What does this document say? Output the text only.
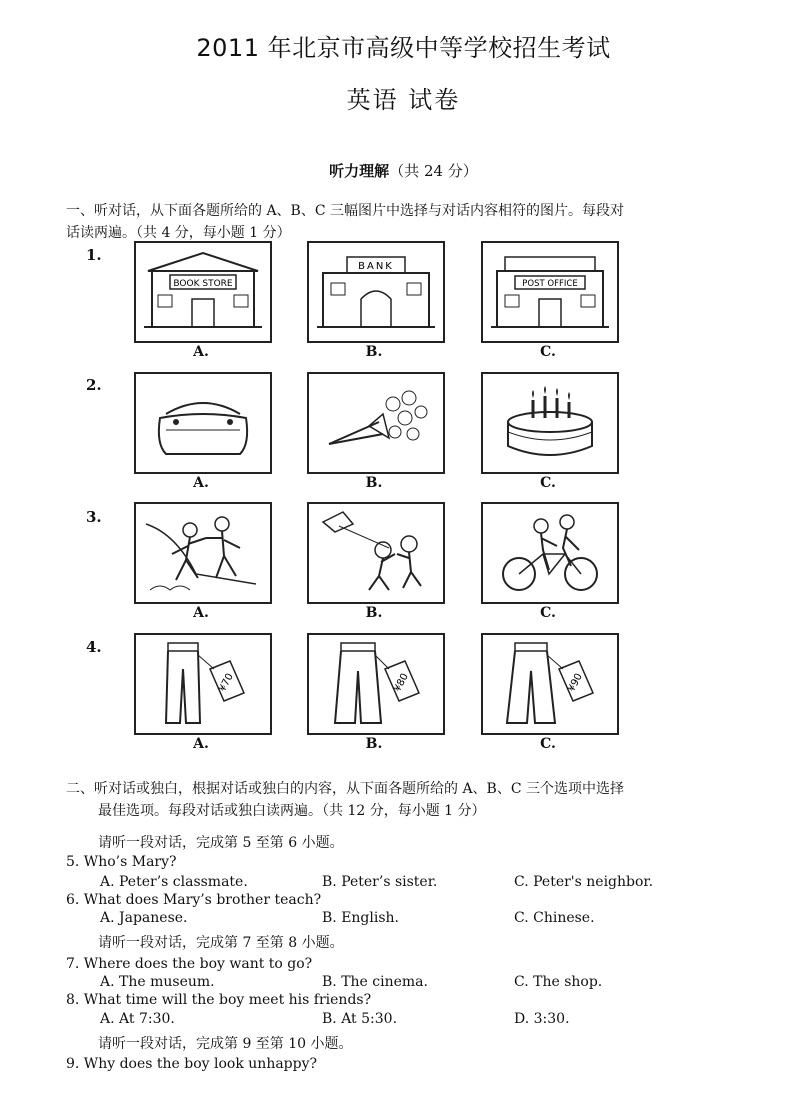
2011 年北京市高级中等学校招生考试
英语 试卷
听力理解（共 24 分）
一、听对话，从下面各题所给的 A、B、C 三幅图片中选择与对话内容相符的图片。每段对
话读两遍。（共 4 分，每小题 1 分）
1.
BOOK STORE
BANK
POST OFFICE
A.	B.	C.
2.
A.	B.	C.
3.
A.	B.	C.
4.
¥70	¥80	¥90
A.	B.	C.
二、听对话或独白，根据对话或独白的内容，从下面各题所给的 A、B、C 三个选项中选择
最佳选项。每段对话或独白读两遍。（共 12 分，每小题 1 分）
请听一段对话，完成第 5 至第 6 小题。
5. Who’s Mary?
A. Peter’s classmate.	B. Peter’s sister.	C. Peter's neighbor.
6. What does Mary’s brother teach?
A. Japanese.	B. English.	C. Chinese.
请听一段对话，完成第 7 至第 8 小题。
7. Where does the boy want to go?
A. The museum.	B. The cinema.	C. The shop.
8. What time will the boy meet his friends?
A. At 7:30.	B. At 5:30.	D. 3:30.
请听一段对话，完成第 9 至第 10 小题。
9. Why does the boy look unhappy?
